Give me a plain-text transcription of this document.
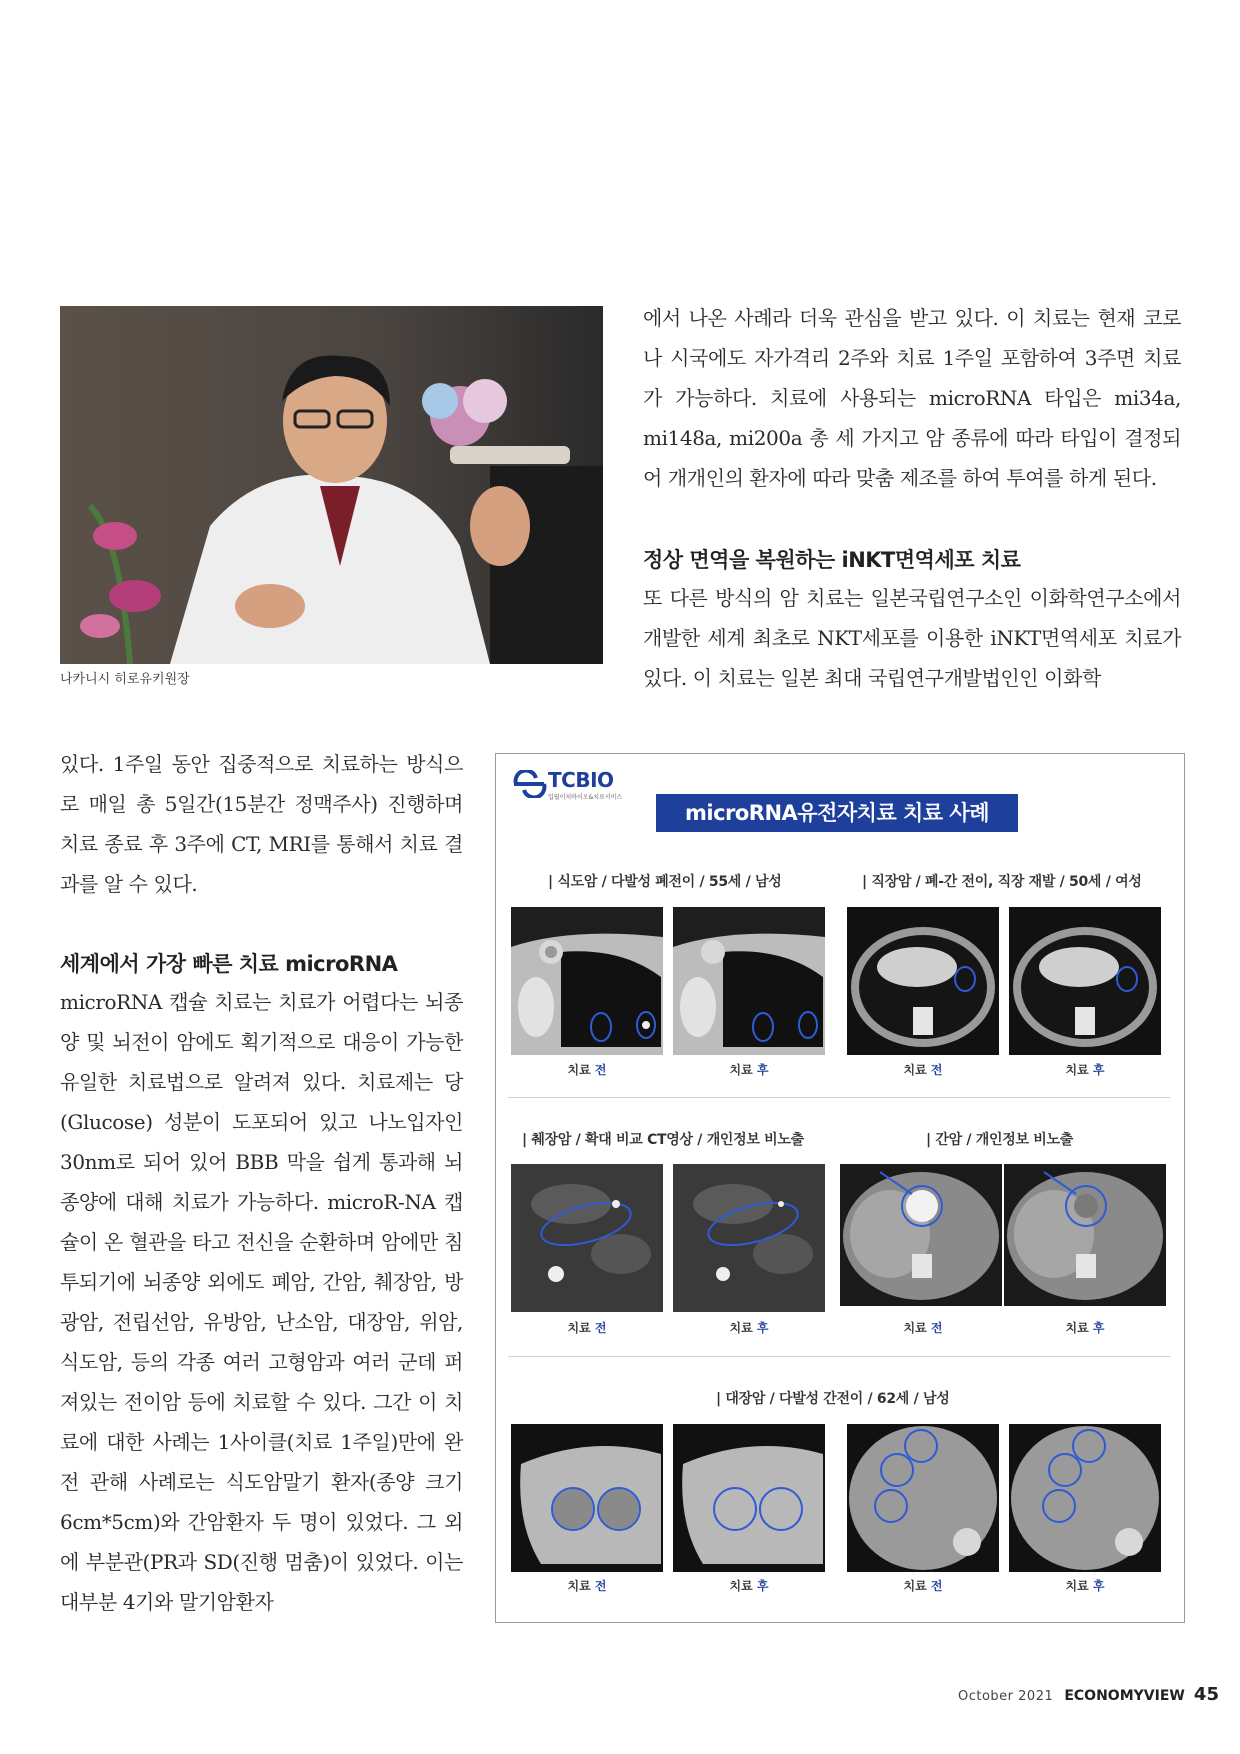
나카니시 히로유키원장

에서 나온 사례라 더욱 관심을 받고 있다. 이 치료는 현재 코로나 시국에도 자가격리 2주와 치료 1주일 포함하여 3주면 치료가 가능하다. 치료에 사용되는 microRNA 타입은 mi34a, mi148a, mi200a 총 세 가지고 암 종류에 따라 타입이 결정되어 개개인의 환자에 따라 맞춤 제조를 하여 투여를 하게 된다.

정상 면역을 복원하는 iNKT면역세포 치료

또 다른 방식의 암 치료는 일본국립연구소인 이화학연구소에서 개발한 세계 최초로 NKT세포를 이용한 iNKT면역세포 치료가 있다. 이 치료는 일본 최대 국립연구개발법인인 이화학

있다. 1주일 동안 집중적으로 치료하는 방식으로 매일 총 5일간(15분간 정맥주사) 진행하며 치료 종료 후 3주에 CT, MRI를 통해서 치료 결과를 알 수 있다.
세계에서 가장 빠른 치료 microRNA
microRNA 캡슐 치료는 치료가 어렵다는 뇌종양 및 뇌전이 암에도 획기적으로 대응이 가능한 유일한 치료법으로 알려져 있다. 치료제는 당(Glucose) 성분이 도포되어 있고 나노입자인 30nm로 되어 있어 BBB 막을 쉽게 통과해 뇌종양에 대해 치료가 가능하다. microR-NA 캡슐이 온 혈관을 타고 전신을 순환하며 암에만 침투되기에 뇌종양 외에도 폐암, 간암, 췌장암, 방광암, 전립선암, 유방암, 난소암, 대장암, 위암, 식도암, 등의 각종 여러 고형암과 여러 군데 퍼져있는 전이암 등에 치료할 수 있다. 그간 이 치료에 대한 사례는 1사이클(치료 1주일)만에 완전 관해 사례로는 식도암말기 환자(종양 크기 6cm*5cm)와 간암환자 두 명이 있었다. 그 외에 부분관(PR과 SD(진행 멈춤)이 있었다. 이는 대부분 4기와 말기암환자
TCBIO
입립이처바이오&치료서비스
microRNA유전자치료 치료 사례
| 식도암 / 다발성 폐전이 / 55세 / 남성	| 직장암 / 폐-간 전이, 직장 재발 / 50세 / 여성
치료 전	치료 후	치료 전	치료 후
| 췌장암 / 확대 비교 CT영상 / 개인정보 비노출	| 간암 / 개인정보 비노출
치료 전	치료 후	치료 전	치료 후
| 대장암 / 다발성 간전이 / 62세 / 남성
치료 전	치료 후	치료 전	치료 후
October 2021 ECONOMYVIEW 45
